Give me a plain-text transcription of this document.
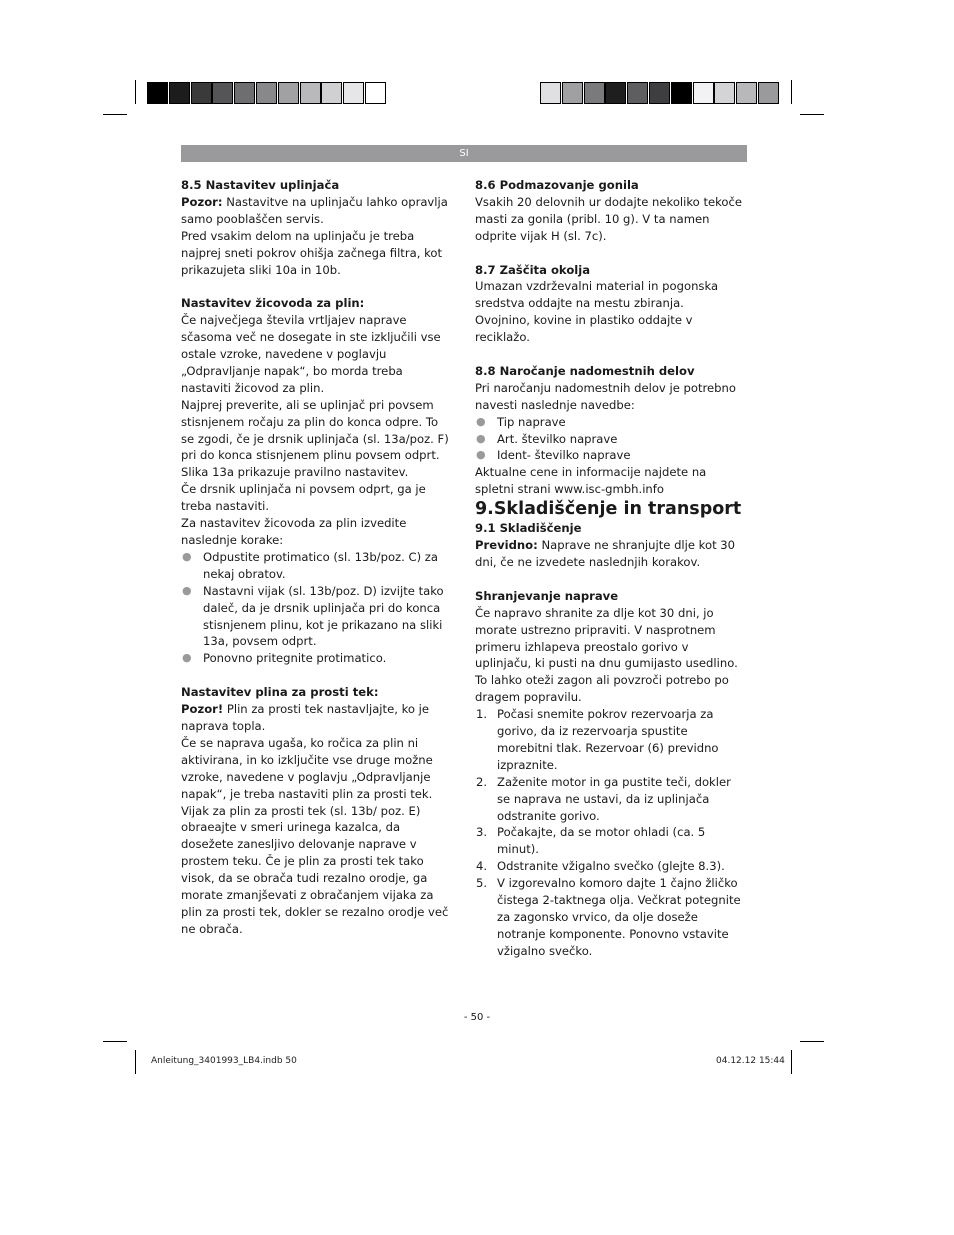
SI

8.5 Nastavitev uplinjača

Pozor: Nastavitve na uplinjaču lahko opravlja samo pooblaščen servis.

Pred vsakim delom na uplinjaču je treba najprej sneti pokrov ohišja začnega filtra, kot prikazujeta sliki 10a in 10b.

Nastavitev žicovoda za plin:

Če največjega števila vrtljajev naprave sčasoma več ne dosegate in ste izključili vse ostale vzroke, navedene v poglavju „Odpravljanje napak“, bo morda treba nastaviti žicovod za plin.

Najprej preverite, ali se uplinjač pri povsem stisnjenem ročaju za plin do konca odpre. To se zgodi, če je drsnik uplinjača (sl. 13a/poz. F) pri do konca stisnjenem plinu povsem odprt.

Slika 13a prikazuje pravilno nastavitev.

Če drsnik uplinjača ni povsem odprt, ga je treba nastaviti.

Za nastavitev žicovoda za plin izvedite naslednje korake:

● Odpustite protimatico (sl. 13b/poz. C) za nekaj obratov.
● Nastavni vijak (sl. 13b/poz. D) izvijte tako daleč, da je drsnik uplinjača pri do konca stisnjenem plinu, kot je prikazano na sliki 13a, povsem odprt.
● Ponovno pritegnite protimatico.

Nastavitev plina za prosti tek:

Pozor! Plin za prosti tek nastavljajte, ko je naprava topla.

Če se naprava ugaša, ko ročica za plin ni aktivirana, in ko izključite vse druge možne vzroke, navedene v poglavju „Odpravljanje napak“, je treba nastaviti plin za prosti tek. Vijak za plin za prosti tek (sl. 13b/ poz. E) obraeajte v smeri urinega kazalca, da dosežete zanesljivo delovanje naprave v prostem teku. Če je plin za prosti tek tako visok, da se obrača tudi rezalno orodje, ga morate zmanjševati z obračanjem vijaka za plin za prosti tek, dokler se rezalno orodje več ne obrača.

8.6 Podmazovanje gonila

Vsakih 20 delovnih ur dodajte nekoliko tekoče masti za gonila (pribl. 10 g). V ta namen odprite vijak H (sl. 7c).

8.7 Zaščita okolja

Umazan vzdrževalni material in pogonska sredstva oddajte na mestu zbiranja.

Ovojnino, kovine in plastiko oddajte v reciklažo.

8.8 Naročanje nadomestnih delov

Pri naročanju nadomestnih delov je potrebno navesti naslednje navedbe:

● Tip naprave
● Art. številko naprave
● Ident- številko naprave

Aktualne cene in informacije najdete na spletni strani www.isc-gmbh.info

9.Skladiščenje in transport

9.1 Skladiščenje

Previdno: Naprave ne shranjujte dlje kot 30 dni, če ne izvedete naslednjih korakov.

Shranjevanje naprave

Če napravo shranite za dlje kot 30 dni, jo morate ustrezno pripraviti. V nasprotnem primeru izhlapeva preostalo gorivo v uplinjaču, ki pusti na dnu gumijasto usedlino.

To lahko oteži zagon ali povzroči potrebo po dragem popravilu.

1. Počasi snemite pokrov rezervoarja za gorivo, da iz rezervoarja spustite morebitni tlak. Rezervoar (6) previdno izpraznite.
2. Zaženite motor in ga pustite teči, dokler se naprava ne ustavi, da iz uplinjača odstranite gorivo.
3. Počakajte, da se motor ohladi (ca. 5 minut).
4. Odstranite vžigalno svečko (glejte 8.3).
5. V izgorevalno komoro dajte 1 čajno žličko čistega 2-taktnega olja. Večkrat potegnite za zagonsko vrvico, da olje doseže notranje komponente. Ponovno vstavite vžigalno svečko.
- 50 -
Anleitung_3401993_LB4.indb 50	04.12.12 15:44
